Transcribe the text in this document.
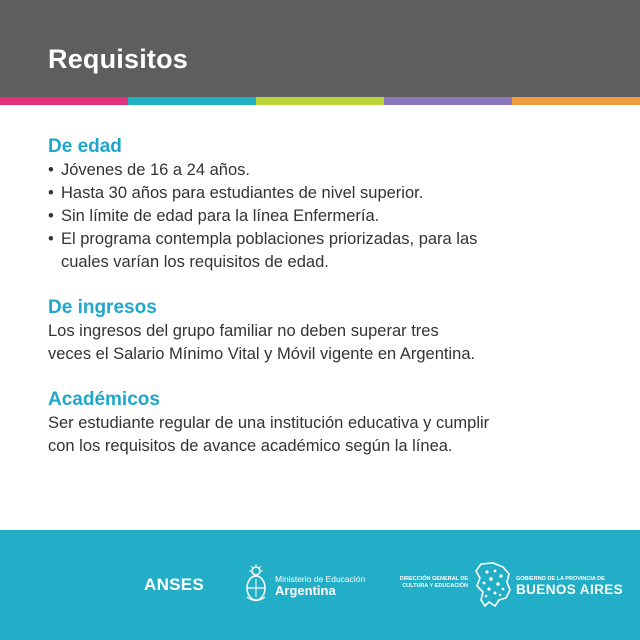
Requisitos
De edad
• Jóvenes de 16 a 24 años.
• Hasta 30 años para estudiantes de nivel superior.
• Sin límite de edad para la línea Enfermería.
• El programa contempla poblaciones priorizadas, para las cuales varían los requisitos de edad.
De ingresos
Los ingresos del grupo familiar no deben superar tres veces el Salario Mínimo Vital y Móvil vigente en Argentina.
Académicos
Ser estudiante regular de una institución educativa y cumplir con los requisitos de avance académico según la línea.
ANSES	Ministerio de Educación
Argentina
DIRECCIÓN GENERAL DE
CULTURA Y EDUCACIÓN
GOBIERNO DE LA PROVINCIA DE
BUENOS AIRES
